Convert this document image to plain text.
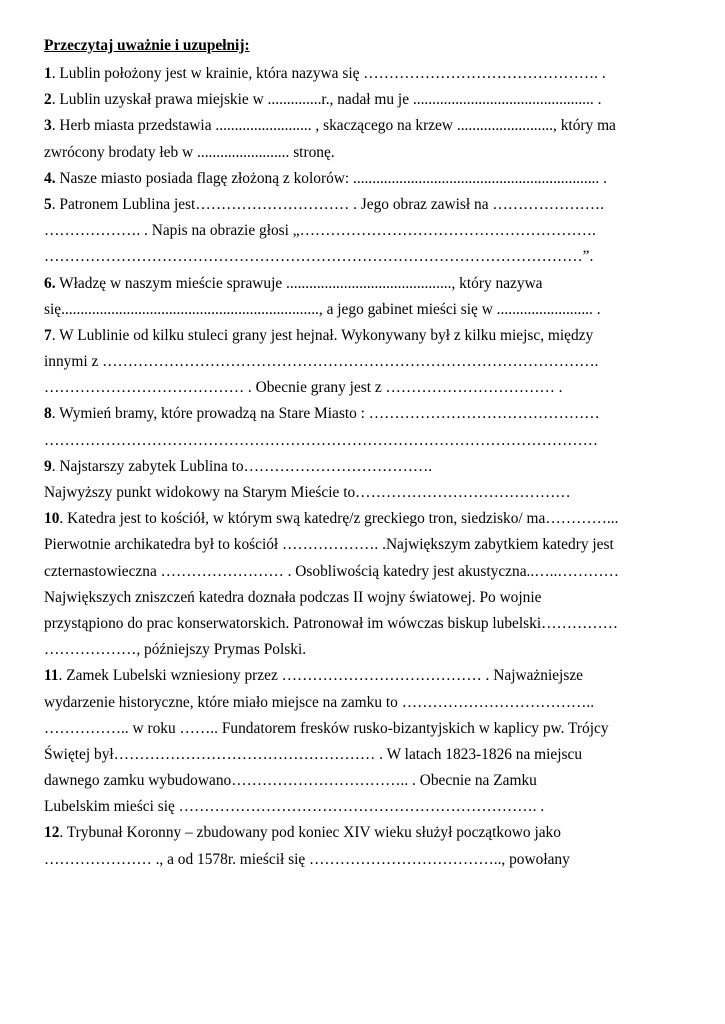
Przeczytaj uważnie i uzupełnij:
1. Lublin położony jest w krainie, która nazywa się ………………………………………. .
2. Lublin uzyskał prawa miejskie w ..............r., nadał mu je ............................................... .
3. Herb miasta przedstawia ......................... , skaczącego na krzew ........................., który ma
zwrócony brodaty łeb w ........................ stronę.
4. Nasze miasto posiada flagę złożoną z kolorów: ................................................................ .
5. Patronem Lublina jest………………………… . Jego obraz zawisł na ………………….
………………. . Napis na obrazie głosi „………………………………………………….
……………………………………………………………………………………………”.
6. Władzę w naszym mieście sprawuje ..........................................., który nazywa
się..................................................................., a jego gabinet mieści się w ......................... .
7. W Lublinie od kilku stuleci grany jest hejnał. Wykonywany był z kilku miejsc, między
innymi z …………………………………………………………………………………….
………………………………… . Obecnie grany jest z …………………………… .
8. Wymień bramy, które prowadzą na Stare Miasto : ………………………………………
………………………………………………………………………………………………
9. Najstarszy zabytek Lublina to……………………………….
Najwyższy punkt widokowy na Starym Mieście to……………………………………
10. Katedra jest to kościół, w którym swą katedrę/z greckiego tron, siedzisko/ ma…………...
Pierwotnie archikatedra był to kościół ………………. .Największym zabytkiem katedry jest
czternastowieczna …………………… . Osobliwością katedry jest akustyczna..…..…………
Największych zniszczeń katedra doznała podczas II wojny światowej. Po wojnie
przystąpiono do prac konserwatorskich. Patronował im wówczas biskup lubelski……………
………………, późniejszy Prymas Polski.
11. Zamek Lubelski wzniesiony przez ………………………………… . Najważniejsze
wydarzenie historyczne, które miało miejsce na zamku to ………………………………..
…………….. w roku …….. Fundatorem fresków rusko-bizantyjskich w kaplicy pw. Trójcy
Świętej był…………………………………………… . W latach 1823-1826 na miejscu
dawnego zamku wybudowano…………………………….. . Obecnie na Zamku
Lubelskim mieści się ……………………………………………………………. .
12. Trybunał Koronny – zbudowany pod koniec XIV wieku służył początkowo jako
………………… ., a od 1578r. mieścił się ……………………………….., powołany
